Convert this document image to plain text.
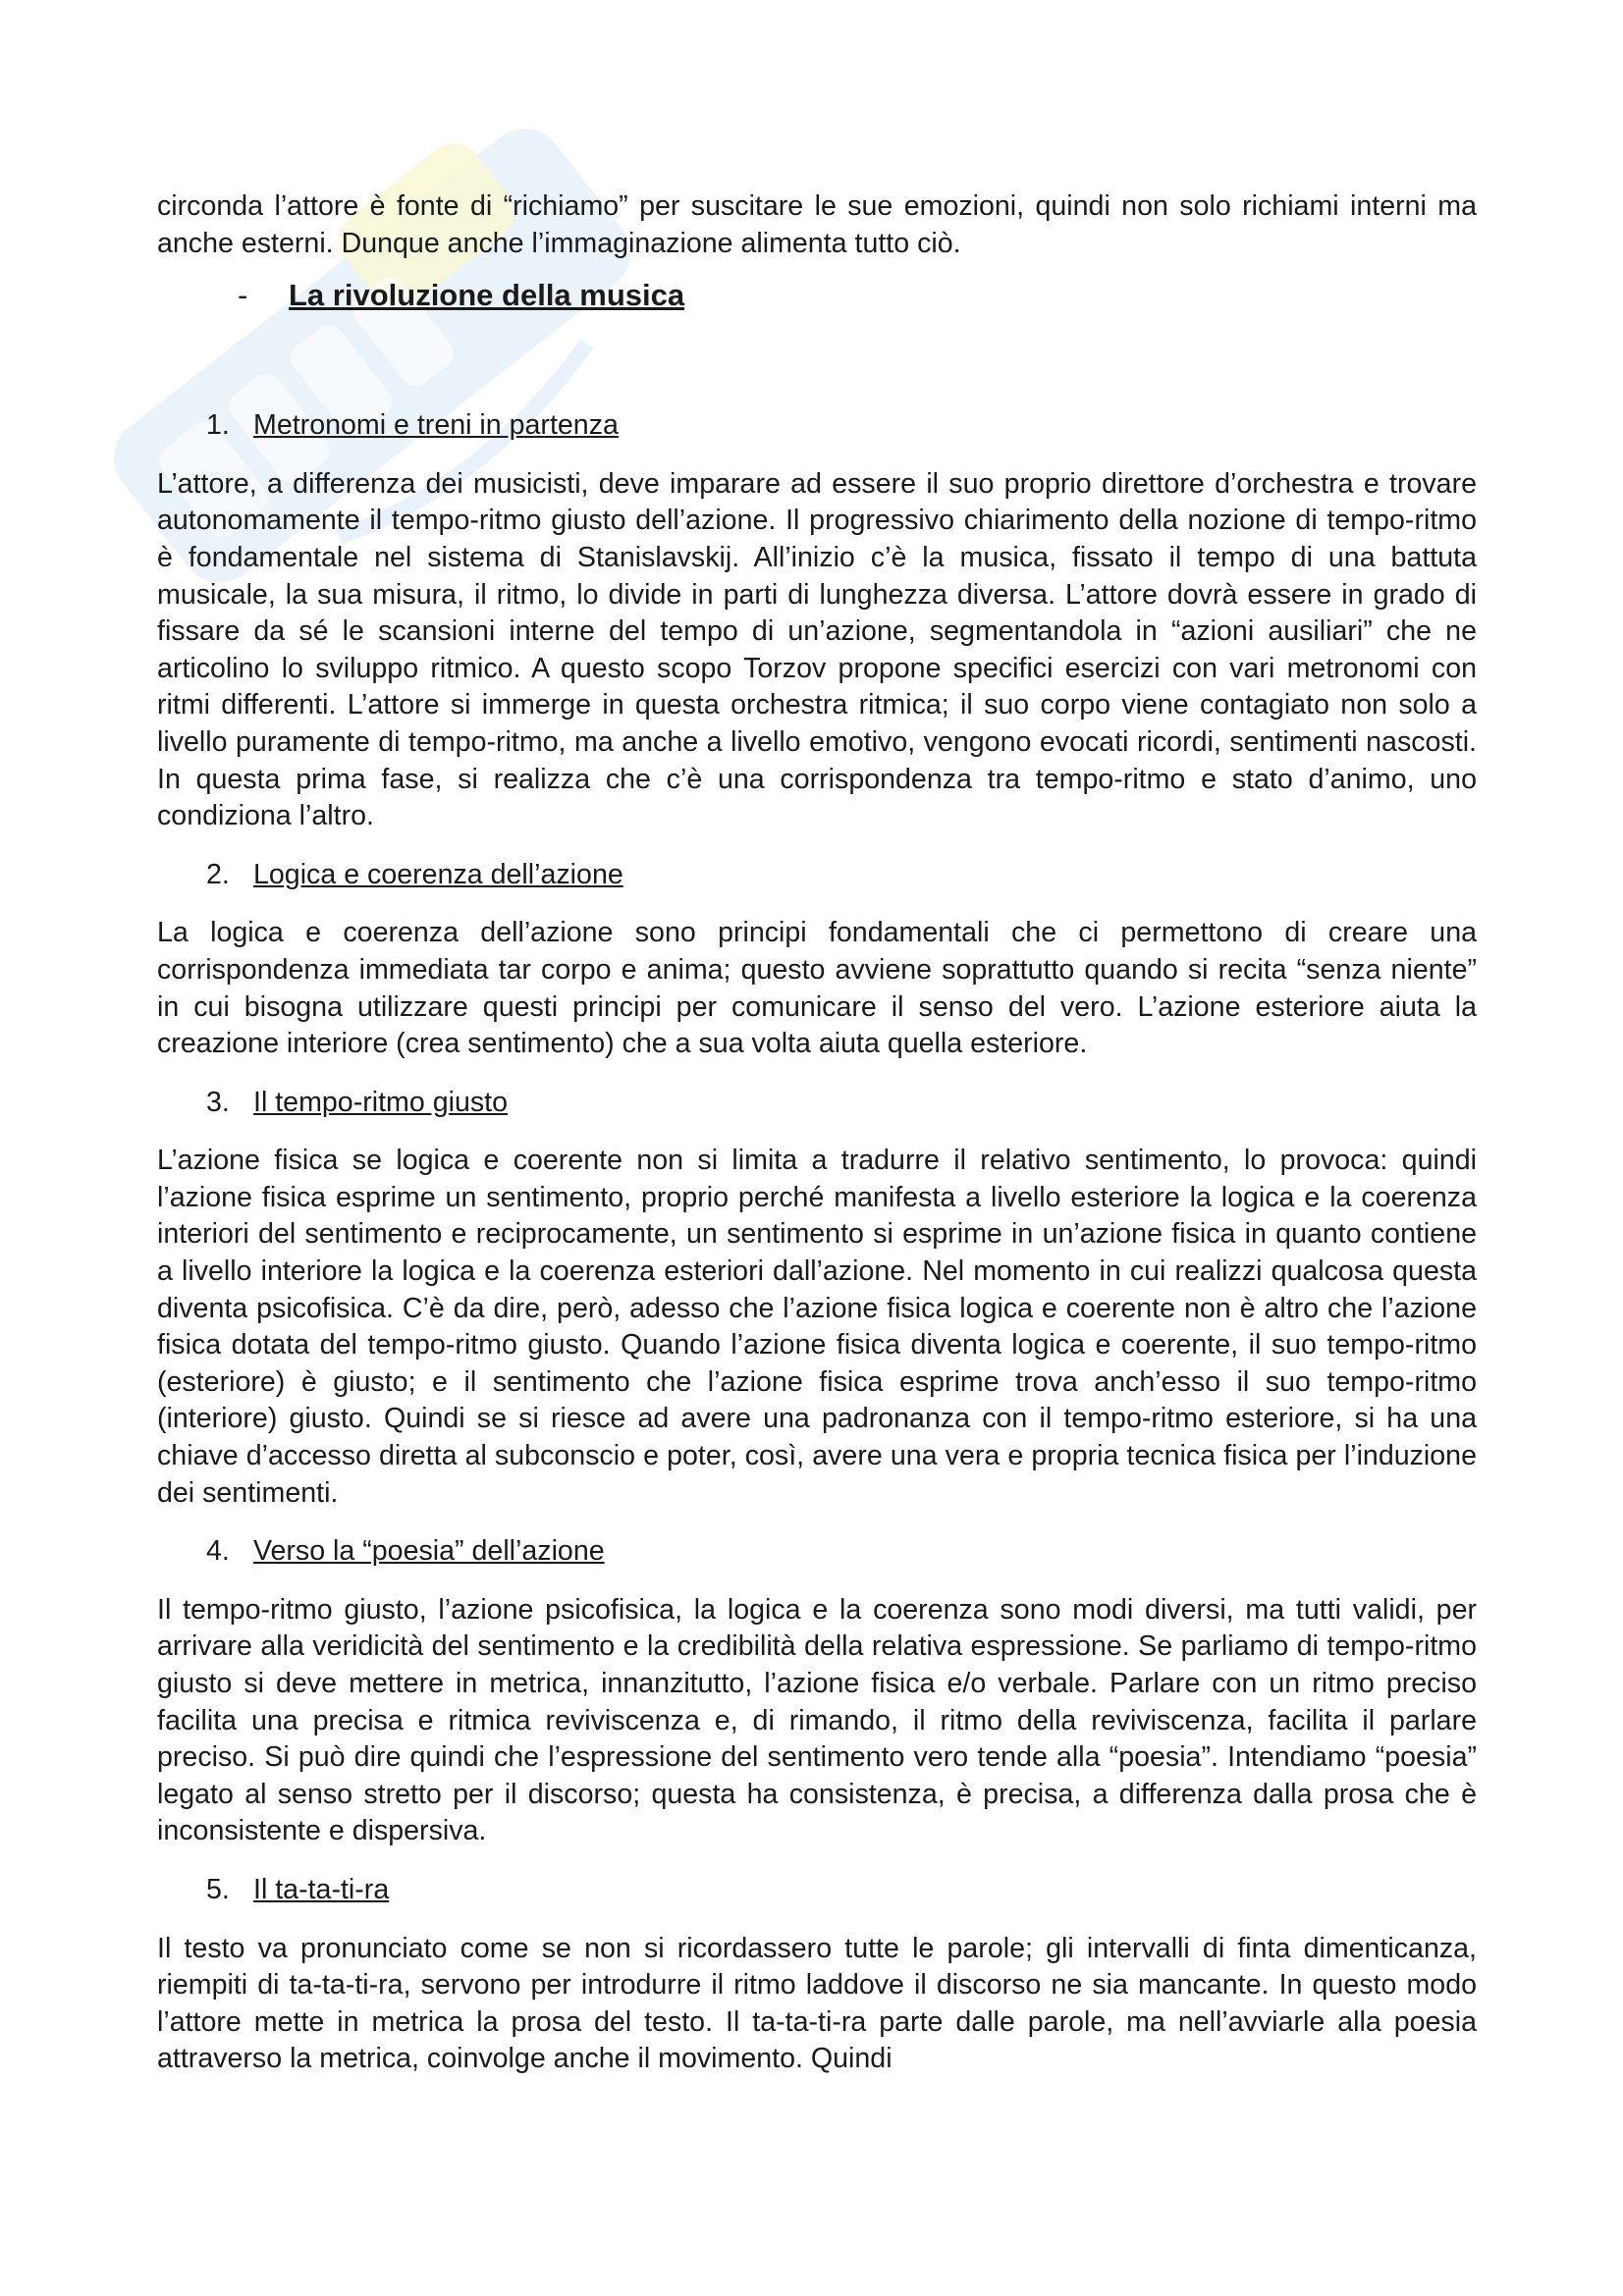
circonda l’attore è fonte di “richiamo” per suscitare le sue emozioni, quindi non solo richiami interni ma anche esterni. Dunque anche l’immaginazione alimenta tutto ciò.

-	La rivoluzione della musica
1. Metronomi e treni in partenza

L’attore, a differenza dei musicisti, deve imparare ad essere il suo proprio direttore d’orchestra e trovare autonomamente il tempo-ritmo giusto dell’azione. Il progressivo chiarimento della nozione di tempo-ritmo è fondamentale nel sistema di Stanislavskij. All’inizio c’è la musica, fissato il tempo di una battuta musicale, la sua misura, il ritmo, lo divide in parti di lunghezza diversa. L’attore dovrà essere in grado di fissare da sé le scansioni interne del tempo di un’azione, segmentandola in “azioni ausiliari” che ne articolino lo sviluppo ritmico. A questo scopo Torzov propone specifici esercizi con vari metronomi con ritmi differenti. L’attore si immerge in questa orchestra ritmica; il suo corpo viene contagiato non solo a livello puramente di tempo-ritmo, ma anche a livello emotivo, vengono evocati ricordi, sentimenti nascosti. In questa prima fase, si realizza che c’è una corrispondenza tra tempo-ritmo e stato d’animo, uno condiziona l’altro.

2. Logica e coerenza dell’azione

La logica e coerenza dell’azione sono principi fondamentali che ci permettono di creare una corrispondenza immediata tar corpo e anima; questo avviene soprattutto quando si recita “senza niente” in cui bisogna utilizzare questi principi per comunicare il senso del vero. L’azione esteriore aiuta la creazione interiore (crea sentimento) che a sua volta aiuta quella esteriore.

3. Il tempo-ritmo giusto

L’azione fisica se logica e coerente non si limita a tradurre il relativo sentimento, lo provoca: quindi l’azione fisica esprime un sentimento, proprio perché manifesta a livello esteriore la logica e la coerenza interiori del sentimento e reciprocamente, un sentimento si esprime in un’azione fisica in quanto contiene a livello interiore la logica e la coerenza esteriori dall’azione. Nel momento in cui realizzi qualcosa questa diventa psicofisica. C’è da dire, però, adesso che l’azione fisica logica e coerente non è altro che l’azione fisica dotata del tempo-ritmo giusto. Quando l’azione fisica diventa logica e coerente, il suo tempo-ritmo (esteriore) è giusto; e il sentimento che l’azione fisica esprime trova anch’esso il suo tempo-ritmo (interiore) giusto. Quindi se si riesce ad avere una padronanza con il tempo-ritmo esteriore, si ha una chiave d’accesso diretta al subconscio e poter, così, avere una vera e propria tecnica fisica per l’induzione dei sentimenti.

4. Verso la “poesia” dell’azione

Il tempo-ritmo giusto, l’azione psicofisica, la logica e la coerenza sono modi diversi, ma tutti validi, per arrivare alla veridicità del sentimento e la credibilità della relativa espressione. Se parliamo di tempo-ritmo giusto si deve mettere in metrica, innanzitutto, l’azione fisica e/o verbale. Parlare con un ritmo preciso facilita una precisa e ritmica reviviscenza e, di rimando, il ritmo della reviviscenza, facilita il parlare preciso. Si può dire quindi che l’espressione del sentimento vero tende alla “poesia”. Intendiamo “poesia” legato al senso stretto per il discorso; questa ha consistenza, è precisa, a differenza dalla prosa che è inconsistente e dispersiva.

5. Il ta-ta-ti-ra

Il testo va pronunciato come se non si ricordassero tutte le parole; gli intervalli di finta dimenticanza, riempiti di ta-ta-ti-ra, servono per introdurre il ritmo laddove il discorso ne sia mancante. In questo modo l’attore mette in metrica la prosa del testo. Il ta-ta-ti-ra parte dalle parole, ma nell’avviarle alla poesia attraverso la metrica, coinvolge anche il movimento. Quindi
